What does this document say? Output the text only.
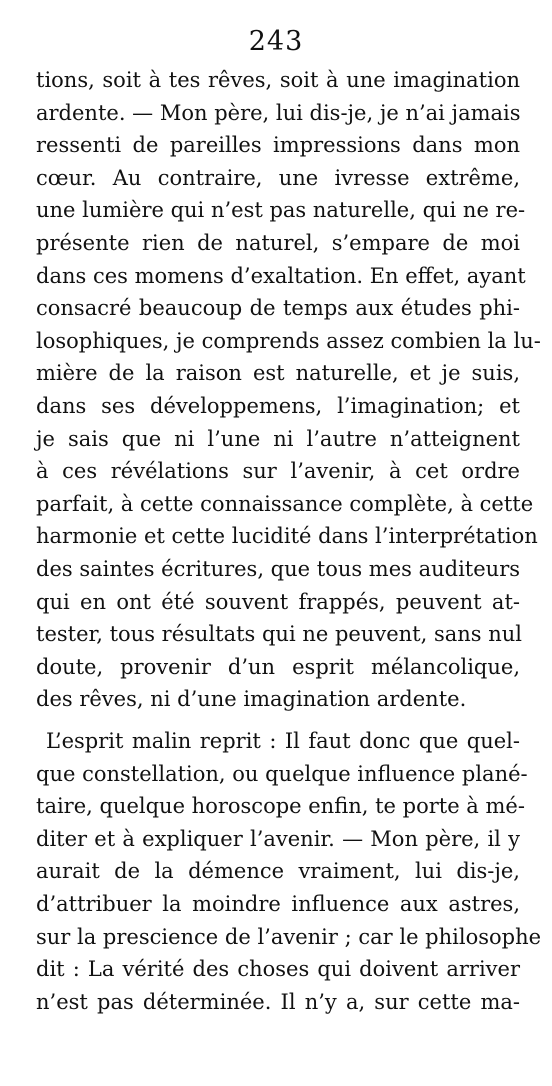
243
tions, soit à tes rêves, soit à une imagination
ardente. — Mon père, lui dis-je, je n’ai jamais
ressenti de pareilles impressions dans mon
cœur. Au contraire, une ivresse extrême,
une lumière qui n’est pas naturelle, qui ne re-
présente rien de naturel, s’empare de moi
dans ces momens d’exaltation. En effet, ayant
consacré beaucoup de temps aux études phi-
losophiques, je comprends assez combien la lu-
mière de la raison est naturelle, et je suis,
dans ses développemens, l’imagination; et
je sais que ni l’une ni l’autre n’atteignent
à ces révélations sur l’avenir, à cet ordre
parfait, à cette connaissance complète, à cette
harmonie et cette lucidité dans l’interprétation
des saintes écritures, que tous mes auditeurs
qui en ont été souvent frappés, peuvent at-
tester, tous résultats qui ne peuvent, sans nul
doute, provenir d’un esprit mélancolique,
des rêves, ni d’une imagination ardente.
L’esprit malin reprit : Il faut donc que quel-
que constellation, ou quelque influence plané-
taire, quelque horoscope enfin, te porte à mé-
diter et à expliquer l’avenir. — Mon père, il y
aurait de la démence vraiment, lui dis-je,
d’attribuer la moindre influence aux astres,
sur la prescience de l’avenir ; car le philosophe
dit : La vérité des choses qui doivent arriver
n’est pas déterminée. Il n’y a, sur cette ma-
